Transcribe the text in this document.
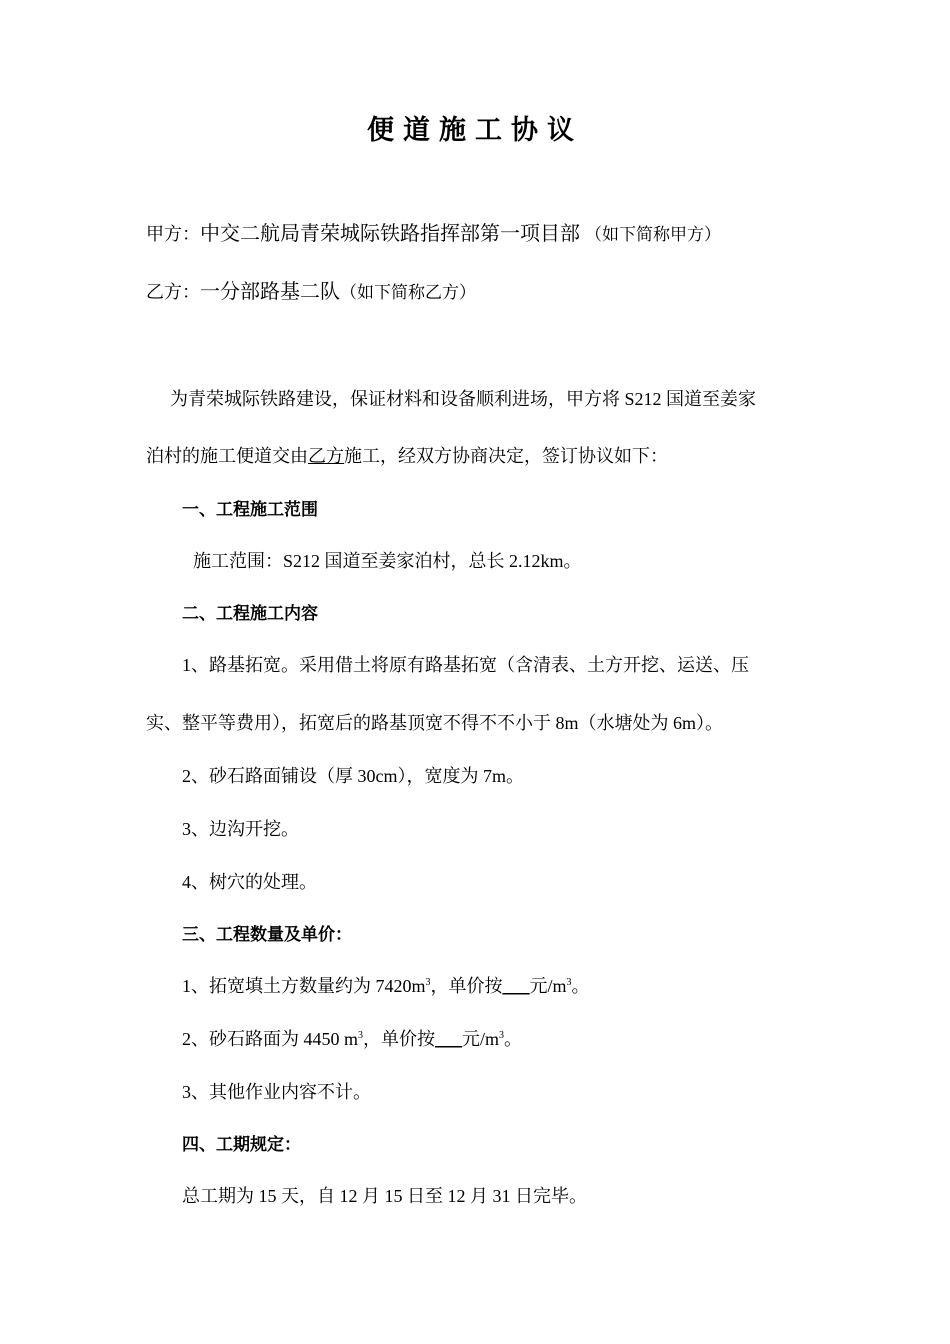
便道施工协议
甲方：中交二航局青荣城际铁路指挥部第一项目部 （如下简称甲方）
乙方：一分部路基二队（如下简称乙方）
为青荣城际铁路建设，保证材料和设备顺利进场，甲方将 S212 国道至姜家
泊村的施工便道交由乙方施工，经双方协商决定，签订协议如下：
一、工程施工范围
施工范围：S212 国道至姜家泊村，总长 2.12km。
二、工程施工内容
1、路基拓宽。采用借土将原有路基拓宽（含清表、土方开挖、运送、压
实、整平等费用），拓宽后的路基顶宽不得不不小于 8m（水塘处为 6m）。
2、砂石路面铺设（厚 30cm），宽度为 7m。
3、边沟开挖。
4、树穴的处理。
三、工程数量及单价：
1、拓宽填土方数量约为 $7420m^3$，单价按___元$/m^3$。
2、砂石路面为 4450 $m^3$，单价按___元$/m^3$。
3、其他作业内容不计。
四、工期规定：
总工期为 15 天，自 12 月 15 日至 12 月 31 日完毕。
